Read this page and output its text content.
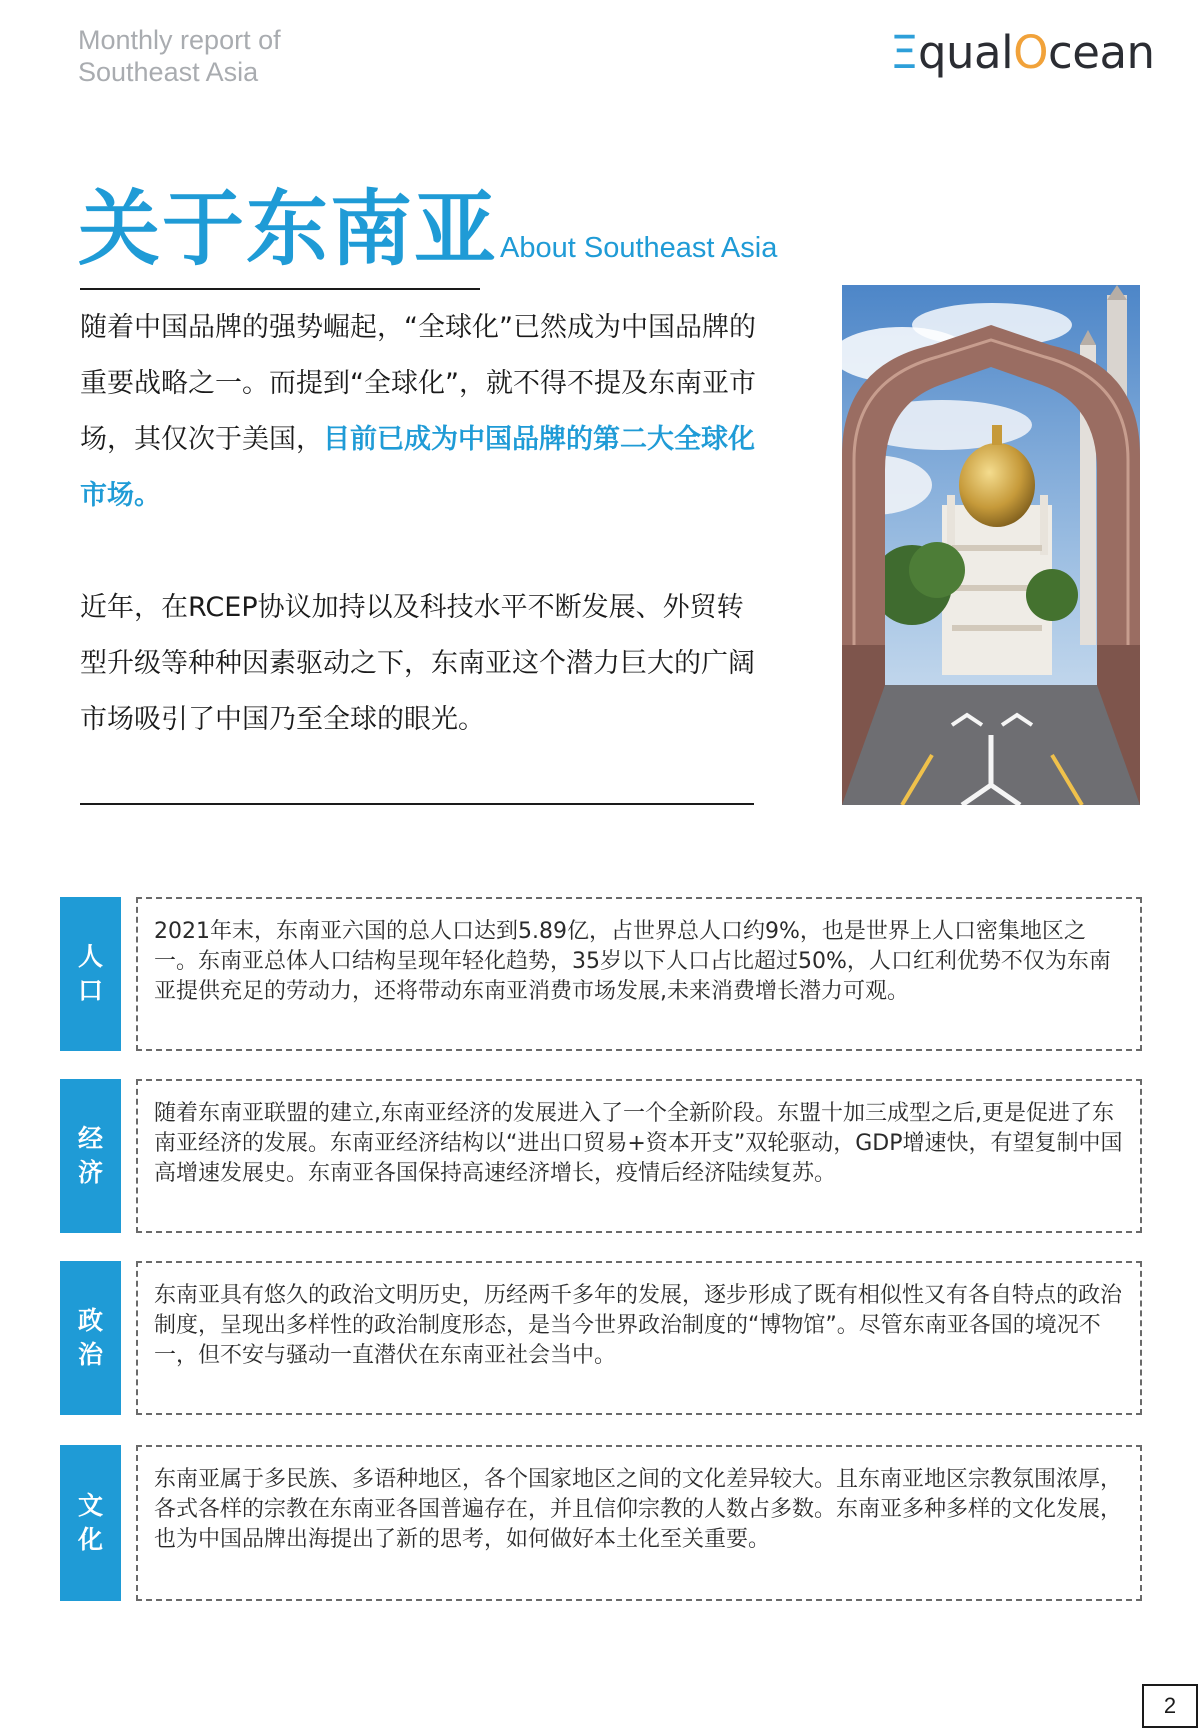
Monthly report of
Southeast Asia	Ξ qual O cean
关于东南亚About Southeast Asia

随着中国品牌的强势崛起，“全球化”已然成为中国品牌的重要战略之一。而提到“全球化”，就不得不提及东南亚市场，其仅次于美国，目前已成为中国品牌的第二大全球化市场。

近年，在RCEP协议加持以及科技水平不断发展、外贸转型升级等种种因素驱动之下，东南亚这个潜力巨大的广阔市场吸引了中国乃至全球的眼光。

人
口
2021年末，东南亚六国的总人口达到5.89亿，占世界总人口约9%，也是世界上人口密集地区之一。东南亚总体人口结构呈现年轻化趋势，35岁以下人口占比超过50%，人口红利优势不仅为东南亚提供充足的劳动力，还将带动东南亚消费市场发展,未来消费增长潜力可观。
经
济
随着东南亚联盟的建立,东南亚经济的发展进入了一个全新阶段。东盟十加三成型之后,更是促进了东南亚经济的发展。东南亚经济结构以“进出口贸易+资本开支”双轮驱动，GDP增速快，有望复制中国高增速发展史。东南亚各国保持高速经济增长，疫情后经济陆续复苏。
政
治
东南亚具有悠久的政治文明历史，历经两千多年的发展，逐步形成了既有相似性又有各自特点的政治制度，呈现出多样性的政治制度形态，是当今世界政治制度的“博物馆”。尽管东南亚各国的境况不一，但不安与骚动一直潜伏在东南亚社会当中。
文
化
东南亚属于多民族、多语种地区，各个国家地区之间的文化差异较大。且东南亚地区宗教氛围浓厚，各式各样的宗教在东南亚各国普遍存在，并且信仰宗教的人数占多数。东南亚多种多样的文化发展，也为中国品牌出海提出了新的思考，如何做好本土化至关重要。
2
